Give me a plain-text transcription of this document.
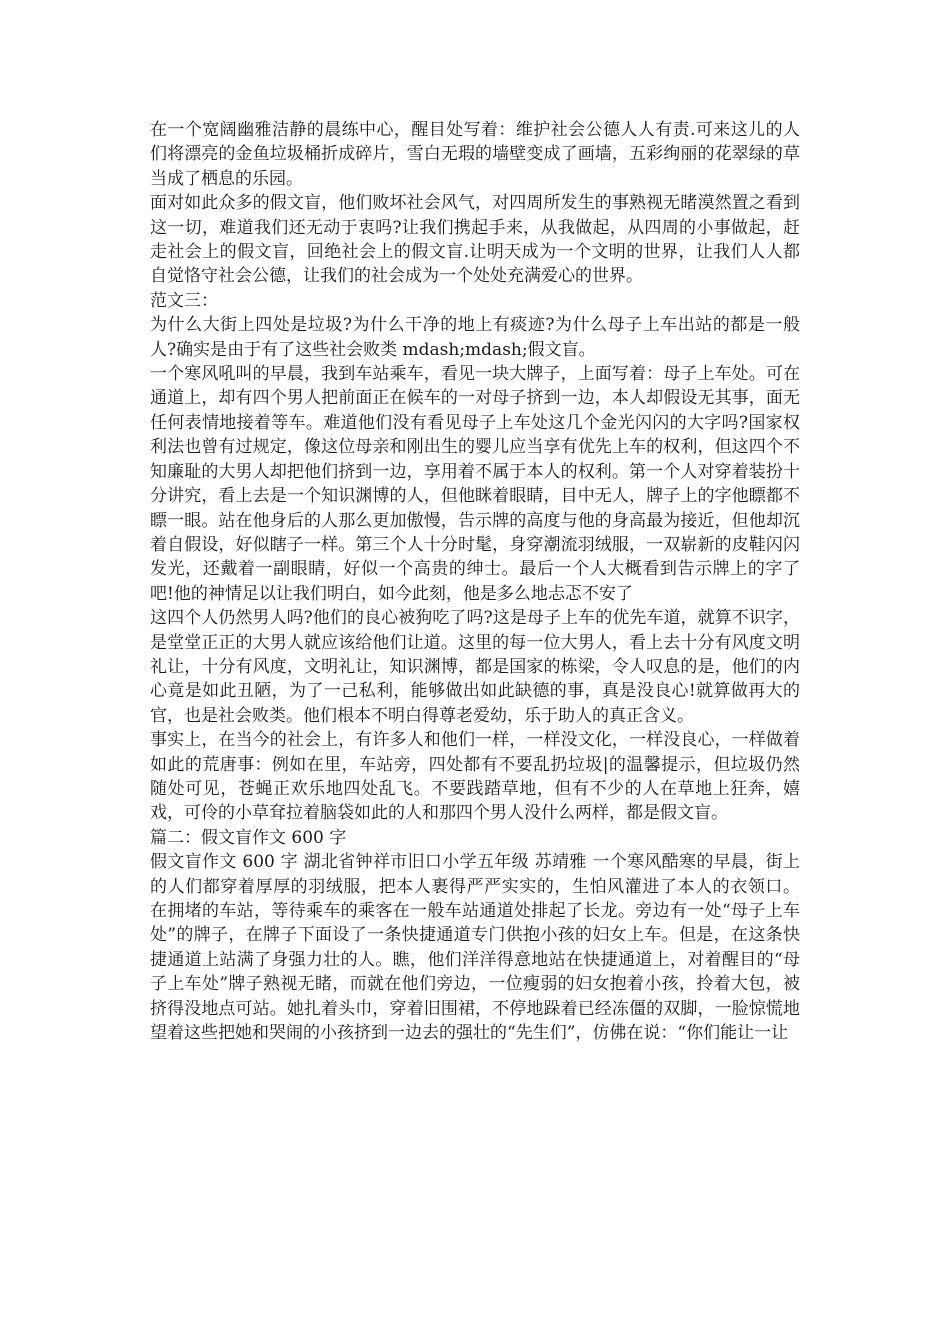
在一个宽阔幽雅洁静的晨练中心，醒目处写着：维护社会公德人人有责.可来这儿的人们将漂亮的金鱼垃圾桶折成碎片，雪白无瑕的墙壁变成了画墙，五彩绚丽的花翠绿的草当成了栖息的乐园。

面对如此众多的假文盲，他们败坏社会风气，对四周所发生的事熟视无睹漠然置之看到这一切，难道我们还无动于衷吗?让我们携起手来，从我做起，从四周的小事做起，赶走社会上的假文盲，回绝社会上的假文盲.让明天成为一个文明的世界，让我们人人都自觉恪守社会公德，让我们的社会成为一个处处充满爱心的世界。

范文三：

为什么大街上四处是垃圾?为什么干净的地上有痰迹?为什么母子上车出站的都是一般人?确实是由于有了这些社会败类 mdash;mdash;假文盲。

一个寒风吼叫的早晨，我到车站乘车，看见一块大牌子，上面写着：母子上车处。可在通道上，却有四个男人把前面正在候车的一对母子挤到一边，本人却假设无其事，面无任何表情地接着等车。难道他们没有看见母子上车处这几个金光闪闪的大字吗?国家权利法也曾有过规定，像这位母亲和刚出生的婴儿应当享有优先上车的权利，但这四个不知廉耻的大男人却把他们挤到一边，享用着不属于本人的权利。第一个人对穿着装扮十分讲究，看上去是一个知识渊博的人，但他眯着眼睛，目中无人，牌子上的字他瞟都不瞟一眼。站在他身后的人那么更加傲慢，告示牌的高度与他的身高最为接近，但他却沉着自假设，好似瞎子一样。第三个人十分时髦，身穿潮流羽绒服，一双崭新的皮鞋闪闪发光，还戴着一副眼睛，好似一个高贵的绅士。最后一个人大概看到告示牌上的字了吧!他的神情足以让我们明白，如今此刻，他是多么地忐忑不安了

这四个人仍然男人吗?他们的良心被狗吃了吗?这是母子上车的优先车道，就算不识字，是堂堂正正的大男人就应该给他们让道。这里的每一位大男人，看上去十分有风度文明礼让，十分有风度，文明礼让，知识渊博，都是国家的栋梁，令人叹息的是，他们的内心竟是如此丑陋，为了一己私利，能够做出如此缺德的事，真是没良心!就算做再大的官，也是社会败类。他们根本不明白得尊老爱幼，乐于助人的真正含义。

事实上，在当今的社会上，有许多人和他们一样，一样没文化，一样没良心，一样做着如此的荒唐事：例如在里，车站旁，四处都有不要乱扔垃圾|的温馨提示，但垃圾仍然随处可见，苍蝇正欢乐地四处乱飞。不要践踏草地，但有不少的人在草地上狂奔，嬉戏，可伶的小草耷拉着脑袋如此的人和那四个男人没什么两样，都是假文盲。

篇二：假文盲作文 600 字

假文盲作文 600 字 湖北省钟祥市旧口小学五年级 苏靖雅 一个寒风酷寒的早晨，街上的人们都穿着厚厚的羽绒服，把本人裹得严严实实的，生怕风灌进了本人的衣领口。 在拥堵的车站，等待乘车的乘客在一般车站通道处排起了长龙。旁边有一处“母子上车处”的牌子，在牌子下面设了一条快捷通道专门供抱小孩的妇女上车。但是，在这条快捷通道上站满了身强力壮的人。瞧，他们洋洋得意地站在快捷通道上，对着醒目的“母子上车处”牌子熟视无睹，而就在他们旁边，一位瘦弱的妇女抱着小孩，拎着大包，被挤得没地点可站。她扎着头巾，穿着旧围裙，不停地跺着已经冻僵的双脚，一脸惊慌地望着这些把她和哭闹的小孩挤到一边去的强壮的“先生们”，仿佛在说：“你们能让一让
